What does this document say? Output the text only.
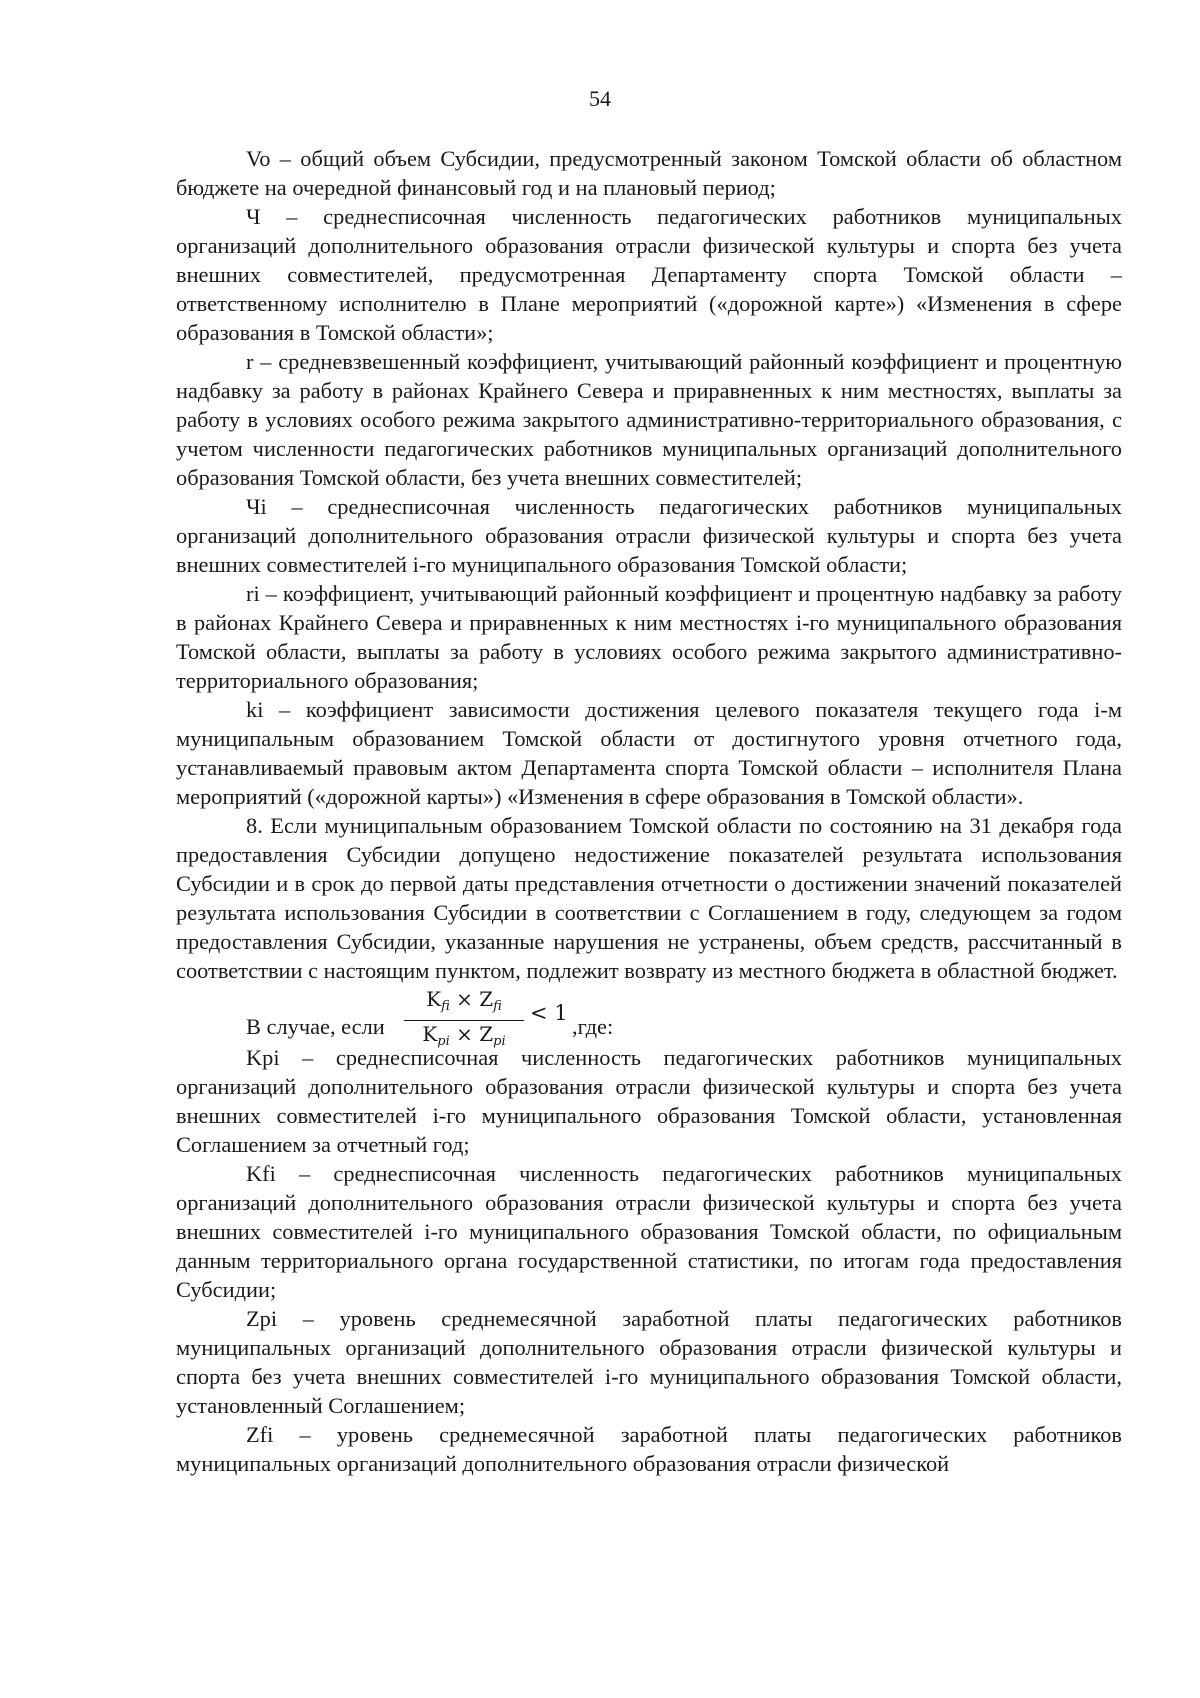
54

Vo – общий объем Субсидии, предусмотренный законом Томской области об областном бюджете на очередной финансовый год и на плановый период;

Ч – среднесписочная численность педагогических работников муниципальных организаций дополнительного образования отрасли физической культуры и спорта без учета внешних совместителей, предусмотренная Департаменту спорта Томской области – ответственному исполнителю в Плане мероприятий («дорожной карте») «Изменения в сфере образования в Томской области»;

r – средневзвешенный коэффициент, учитывающий районный коэффициент и процентную надбавку за работу в районах Крайнего Севера и приравненных к ним местностях, выплаты за работу в условиях особого режима закрытого административно-территориального образования, с учетом численности педагогических работников муниципальных организаций дополнительного образования Томской области, без учета внешних совместителей;

Чi – среднесписочная численность педагогических работников муниципальных организаций дополнительного образования отрасли физической культуры и спорта без учета внешних совместителей i-го муниципального образования Томской области;

ri – коэффициент, учитывающий районный коэффициент и процентную надбавку за работу в районах Крайнего Севера и приравненных к ним местностях i-го муниципального образования Томской области, выплаты за работу в условиях особого режима закрытого административно-территориального образования;

ki – коэффициент зависимости достижения целевого показателя текущего года i-м муниципальным образованием Томской области от достигнутого уровня отчетного года, устанавливаемый правовым актом Департамента спорта Томской области – исполнителя Плана мероприятий («дорожной карты») «Изменения в сфере образования в Томской области».

8. Если муниципальным образованием Томской области по состоянию на 31 декабря года предоставления Субсидии допущено недостижение показателей результата использования Субсидии и в срок до первой даты представления отчетности о достижении значений показателей результата использования Субсидии в соответствии с Соглашением в году, следующем за годом предоставления Субсидии, указанные нарушения не устранены, объем средств, рассчитанный в соответствии с настоящим пунктом, подлежит возврату из местного бюджета в областной бюджет.

В случае, если
$K_{fi} \times Z_{fi}$
$K_{pi} \times Z_{pi}$
< 1
,где:

Kpi – среднесписочная численность педагогических работников муниципальных организаций дополнительного образования отрасли физической культуры и спорта без учета внешних совместителей i-го муниципального образования Томской области, установленная Соглашением за отчетный год;

Kfi – среднесписочная численность педагогических работников муниципальных организаций дополнительного образования отрасли физической культуры и спорта без учета внешних совместителей i-го муниципального образования Томской области, по официальным данным территориального органа государственной статистики, по итогам года предоставления Субсидии;

Zpi – уровень среднемесячной заработной платы педагогических работников муниципальных организаций дополнительного образования отрасли физической культуры и спорта без учета внешних совместителей i-го муниципального образования Томской области, установленный Соглашением;

Zfi – уровень среднемесячной заработной платы педагогических работников муниципальных организаций дополнительного образования отрасли физической
